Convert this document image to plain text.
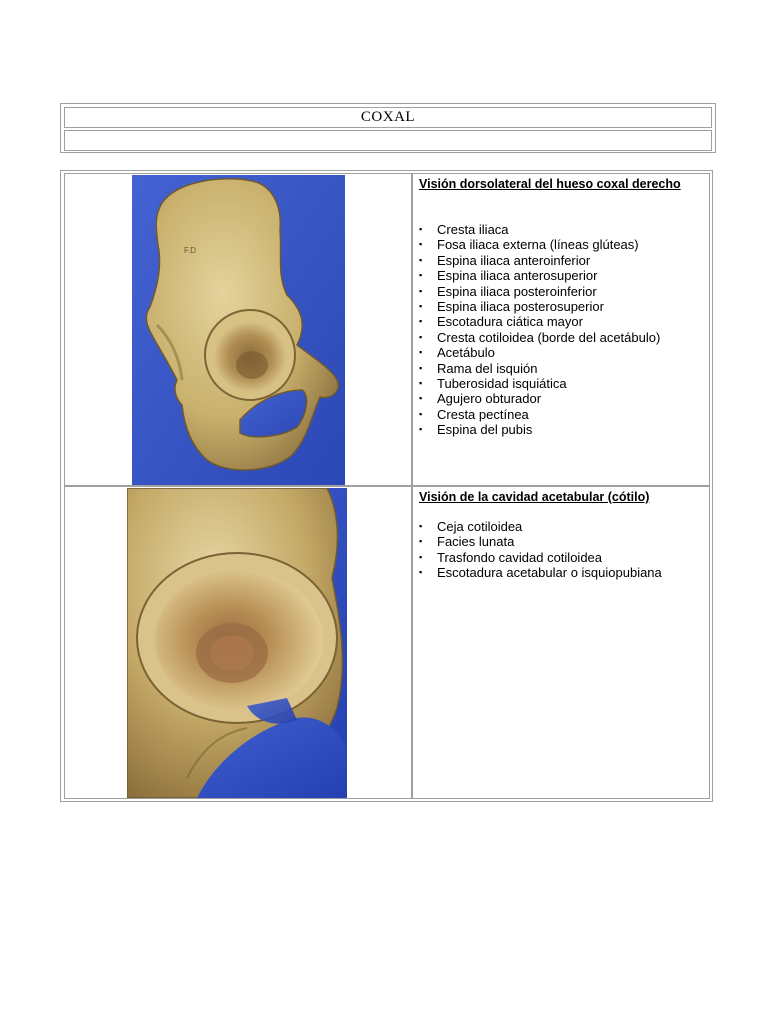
COXAL
F.D
Visión dorsolateral del hueso coxal derecho
▪ Cresta iliaca
▪ Fosa iliaca externa (líneas glúteas)
▪ Espina iliaca anteroinferior
▪ Espina iliaca anterosuperior
▪ Espina iliaca posteroinferior
▪ Espina iliaca posterosuperior
▪ Escotadura ciática mayor
▪ Cresta cotiloidea (borde del acetábulo)
▪ Acetábulo
▪ Rama del isquión
▪ Tuberosidad isquiática
▪ Agujero obturador
▪ Cresta pectínea
▪ Espina del pubis
Visión de la cavidad acetabular (cótilo)
▪ Ceja cotiloidea
▪ Facies lunata
▪ Trasfondo cavidad cotiloidea
▪ Escotadura acetabular o isquiopubiana
